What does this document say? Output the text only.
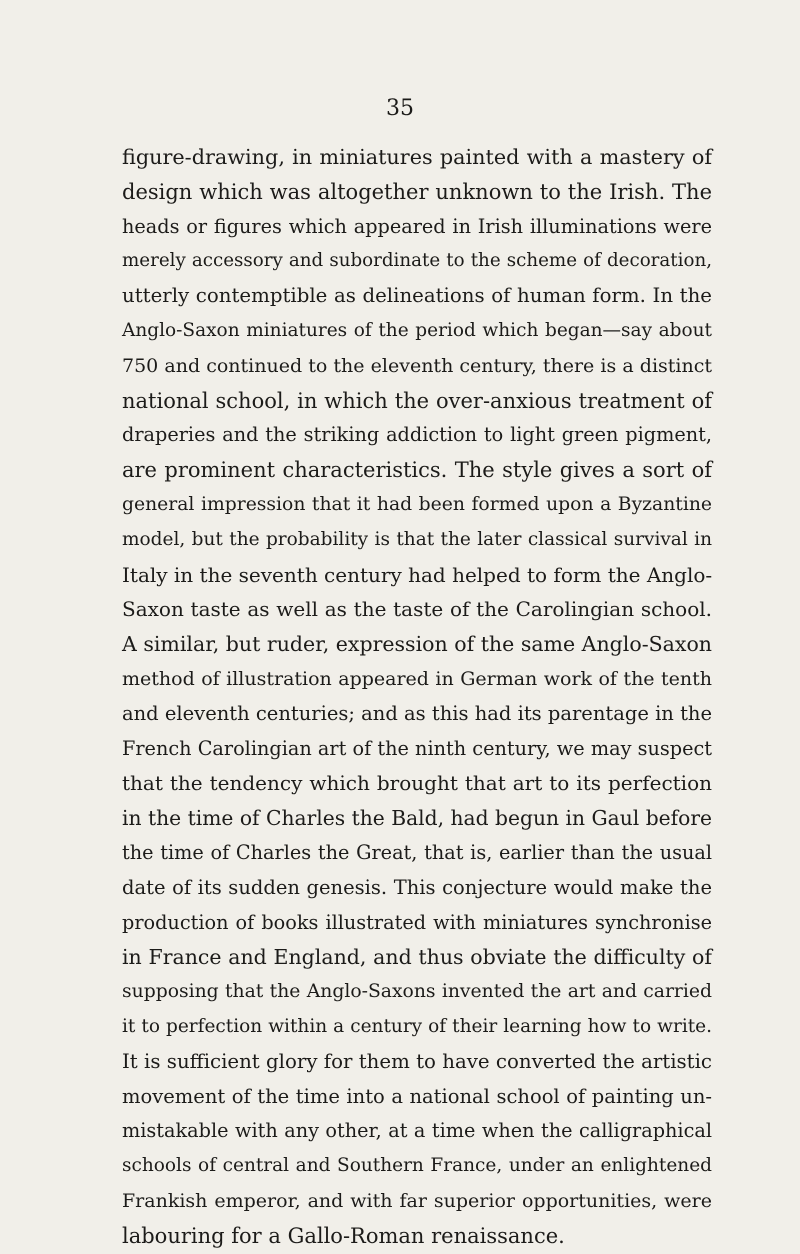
35
figure-drawing, in miniatures painted with a mastery of
design which was altogether unknown to the Irish. The
heads or figures which appeared in Irish illuminations were
merely accessory and subordinate to the scheme of decoration,
utterly contemptible as delineations of human form. In the
Anglo-Saxon miniatures of the period which began—say about
750 and continued to the eleventh century, there is a distinct
national school, in which the over-anxious treatment of
draperies and the striking addiction to light green pigment,
are prominent characteristics. The style gives a sort of
general impression that it had been formed upon a Byzantine
model, but the probability is that the later classical survival in
Italy in the seventh century had helped to form the Anglo-
Saxon taste as well as the taste of the Carolingian school.
A similar, but ruder, expression of the same Anglo-Saxon
method of illustration appeared in German work of the tenth
and eleventh centuries; and as this had its parentage in the
French Carolingian art of the ninth century, we may suspect
that the tendency which brought that art to its perfection
in the time of Charles the Bald, had begun in Gaul before
the time of Charles the Great, that is, earlier than the usual
date of its sudden genesis. This conjecture would make the
production of books illustrated with miniatures synchronise
in France and England, and thus obviate the difficulty of
supposing that the Anglo-Saxons invented the art and carried
it to perfection within a century of their learning how to write.
It is sufficient glory for them to have converted the artistic
movement of the time into a national school of painting un-
mistakable with any other, at a time when the calligraphical
schools of central and Southern France, under an enlightened
Frankish emperor, and with far superior opportunities, were
labouring for a Gallo-Roman renaissance.
